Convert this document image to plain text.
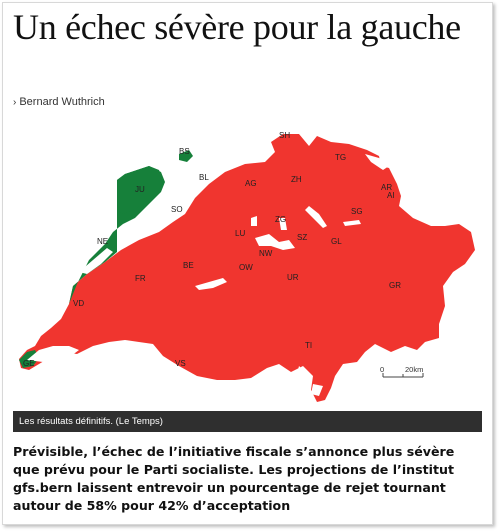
Un échec sévère pour la gauche
› Bernard Wuthrich
SH
BS
TG
BL
AG	ZH
AR
AI
JU
SG
SO
ZG
LU	SZ	GL
NE
NW
OW
BE
FR	UR
GR
VD
GE
TI
VS
0	20km
Les résultats définitifs. (Le Temps)

Prévisible, l’échec de l’initiative fiscale s’annonce plus sévère que prévu pour le Parti socialiste. Les projections de l’institut gfs.bern laissent entrevoir un pourcentage de rejet tournant autour de 58% pour 42% d’acceptation
